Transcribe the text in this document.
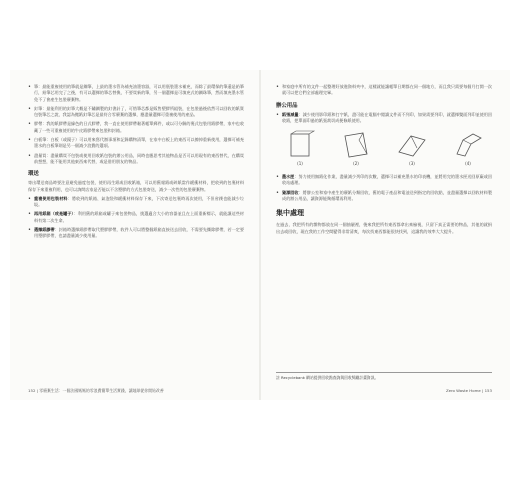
• 筆：最能重複使用的筆就是鋼筆，上最的墨水管為補充油墨容器，可以用瓶裝墨水補充，而除了最環保的筆還是鉛筆行，鉛筆芯用完了之後，有可以選擇的筆芯替換，不要買新的筆，另一個選擇是可填充式的鋼珠筆，然而填充墨水管免不了會產生包裝廢棄物。

• 釘筆：最能利用的釘筆大概是不鏽鋼製的釘書針了，可惜筆芯都是販售塑膠所組裝，在包裝過後依然可以回收的紙質包裝筆芯之說，我認為搬紙釘筆芯是最符合零廢棄的選擇，應盡量選擇可重複使用的產品。

• 膠帶：我的紙膠帶是綠色的日式膠帶，我一直在使用膠帶黏著帳單郵件，或以可分解的裹式包裝用紙膠帶，家中也收藏了一些可重複使用的牛皮紙膠帶來包裝和封箱。

• 白板筆：白板（或鏡子）可以用來寫代辦事項和記錄購物清單，在家中白板上的東西可以擦掉重新使用，選擇可補充墨水的白板筆則是另一個減少浪費的選項。

• 盡量買：盡量購買不包裝或使用回收紙包裝的辦公用品，同時也應思考其他物品是否可以用現有的東西替代，在購買前想想，能不能用其他東西來代替，或是借用朋友的物品。

環送

寄出環送商品時要注意避免過度包裝，使用再生紙或回收紙箱，可以用舊報紙或碎紙當作緩衝材料，把收到的包裹材料保存下來重複利用，也可以詢問店家是否能以不含塑膠的方式包裝寄送，減少一次性的包裝廢棄物。

• 重複使用包裝材料：將收到的紙箱、氣泡袋和緩衝材料保存下來，下次寄送包裹時再次使用，不但省錢也能減少垃圾。

• 再用紙箱（或是罐子）：利用舊的紙箱或罐子來包裝物品，挑選適合大小的容器並且在上面重新標示，就能讓這些材料有第二次生命。

• 選擇紙膠帶：封箱時選擇紙膠帶取代塑膠膠帶，收件人可以將整個紙箱直接送去回收，不需要先撕除膠帶，若一定要用塑膠膠帶，也請盡量減少使用量。

152 | 零廢棄生活：一個法國媽媽的零浪費簡單生活實踐，讓地球從你開始改善

• 和家庭中所有的文件一起整理好放進資料夾中，這樣就能讓帳單日期都在同一個地方，而且我只需要每個月打開一次就可以把它們全部處理完畢。

辦公用品

• 紙張減量：減少使用影印紙和打字紙，盡可能在電腦中閱讀文件而不列印，如果需要列印，就選擇雙面列印並使用回收紙，把單面印過的紙張裁切成便條紙使用。

(1)	(2)	(3)	(4)

• 墨水匣：努力使用無紙化作業，盡量減少列印的次數，選擇可以補充墨水的印表機，並將用完的墨水匣送回原廠或回收站處理。

• 資源回收：將辦公室和家中產生的廢紙分類回收，舊的電子產品和電池送到指定的回收點，並盡量選擇以回收材料製成的辦公用品，讓資源能夠循環再利用。

集中處理

在過去，我把所有的雜物都放在同一個抽屜裡，後來我把所有東西都拿出來檢視，只留下真正需要的物品，其他的就捐出去或回收，現在我的工作空間變得非常清爽，每次找東西都能很快找到，這讓我的效率大大提升。

註 Recyclebank 網站提供回收點查詢與回收獎勵計畫資訊。
Zero Waste Home | 153
